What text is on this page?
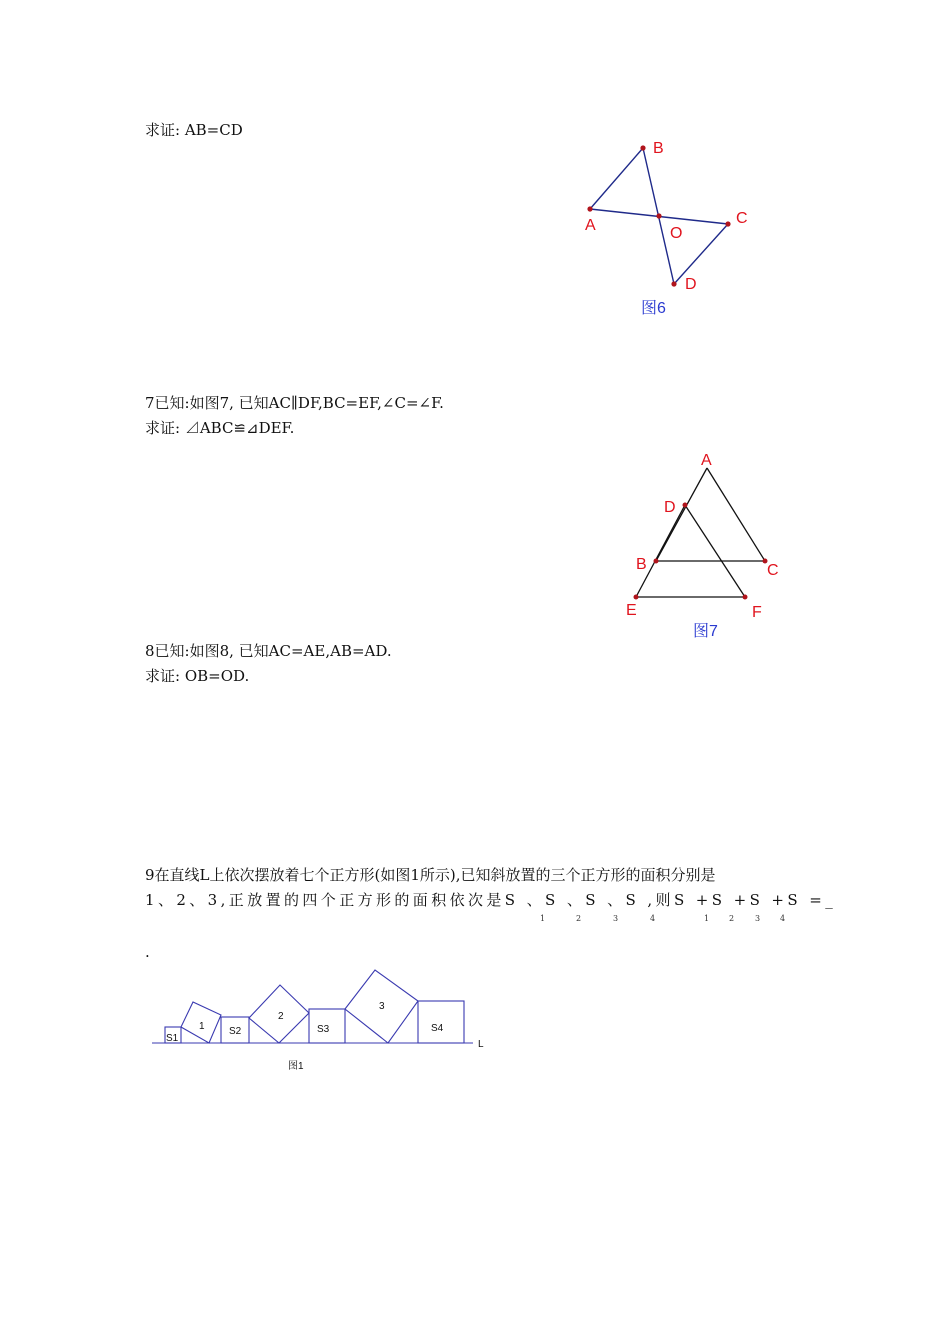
求证: AB=CD
B
A	O
C
D
图6
A
D
B	C
E	F
图7
S1
1 S2
2
S3
3
S4
L
图1
7已知:如图7, 已知AC∥DF,BC=EF,∠C=∠F.
求证: ⊿ABC≌⊿DEF.
8已知:如图8, 已知AC=AE,AB=AD.
求证: OB=OD.
9在直线L上依次摆放着七个正方形(如图1所示),已知斜放置的三个正方形的面积分别是
1、2、3,正放置的四个正方形的面积依次是S 、S 、S 、S ,则S +S +S +S =_
1	2	3	4	1 2	3 4
.
